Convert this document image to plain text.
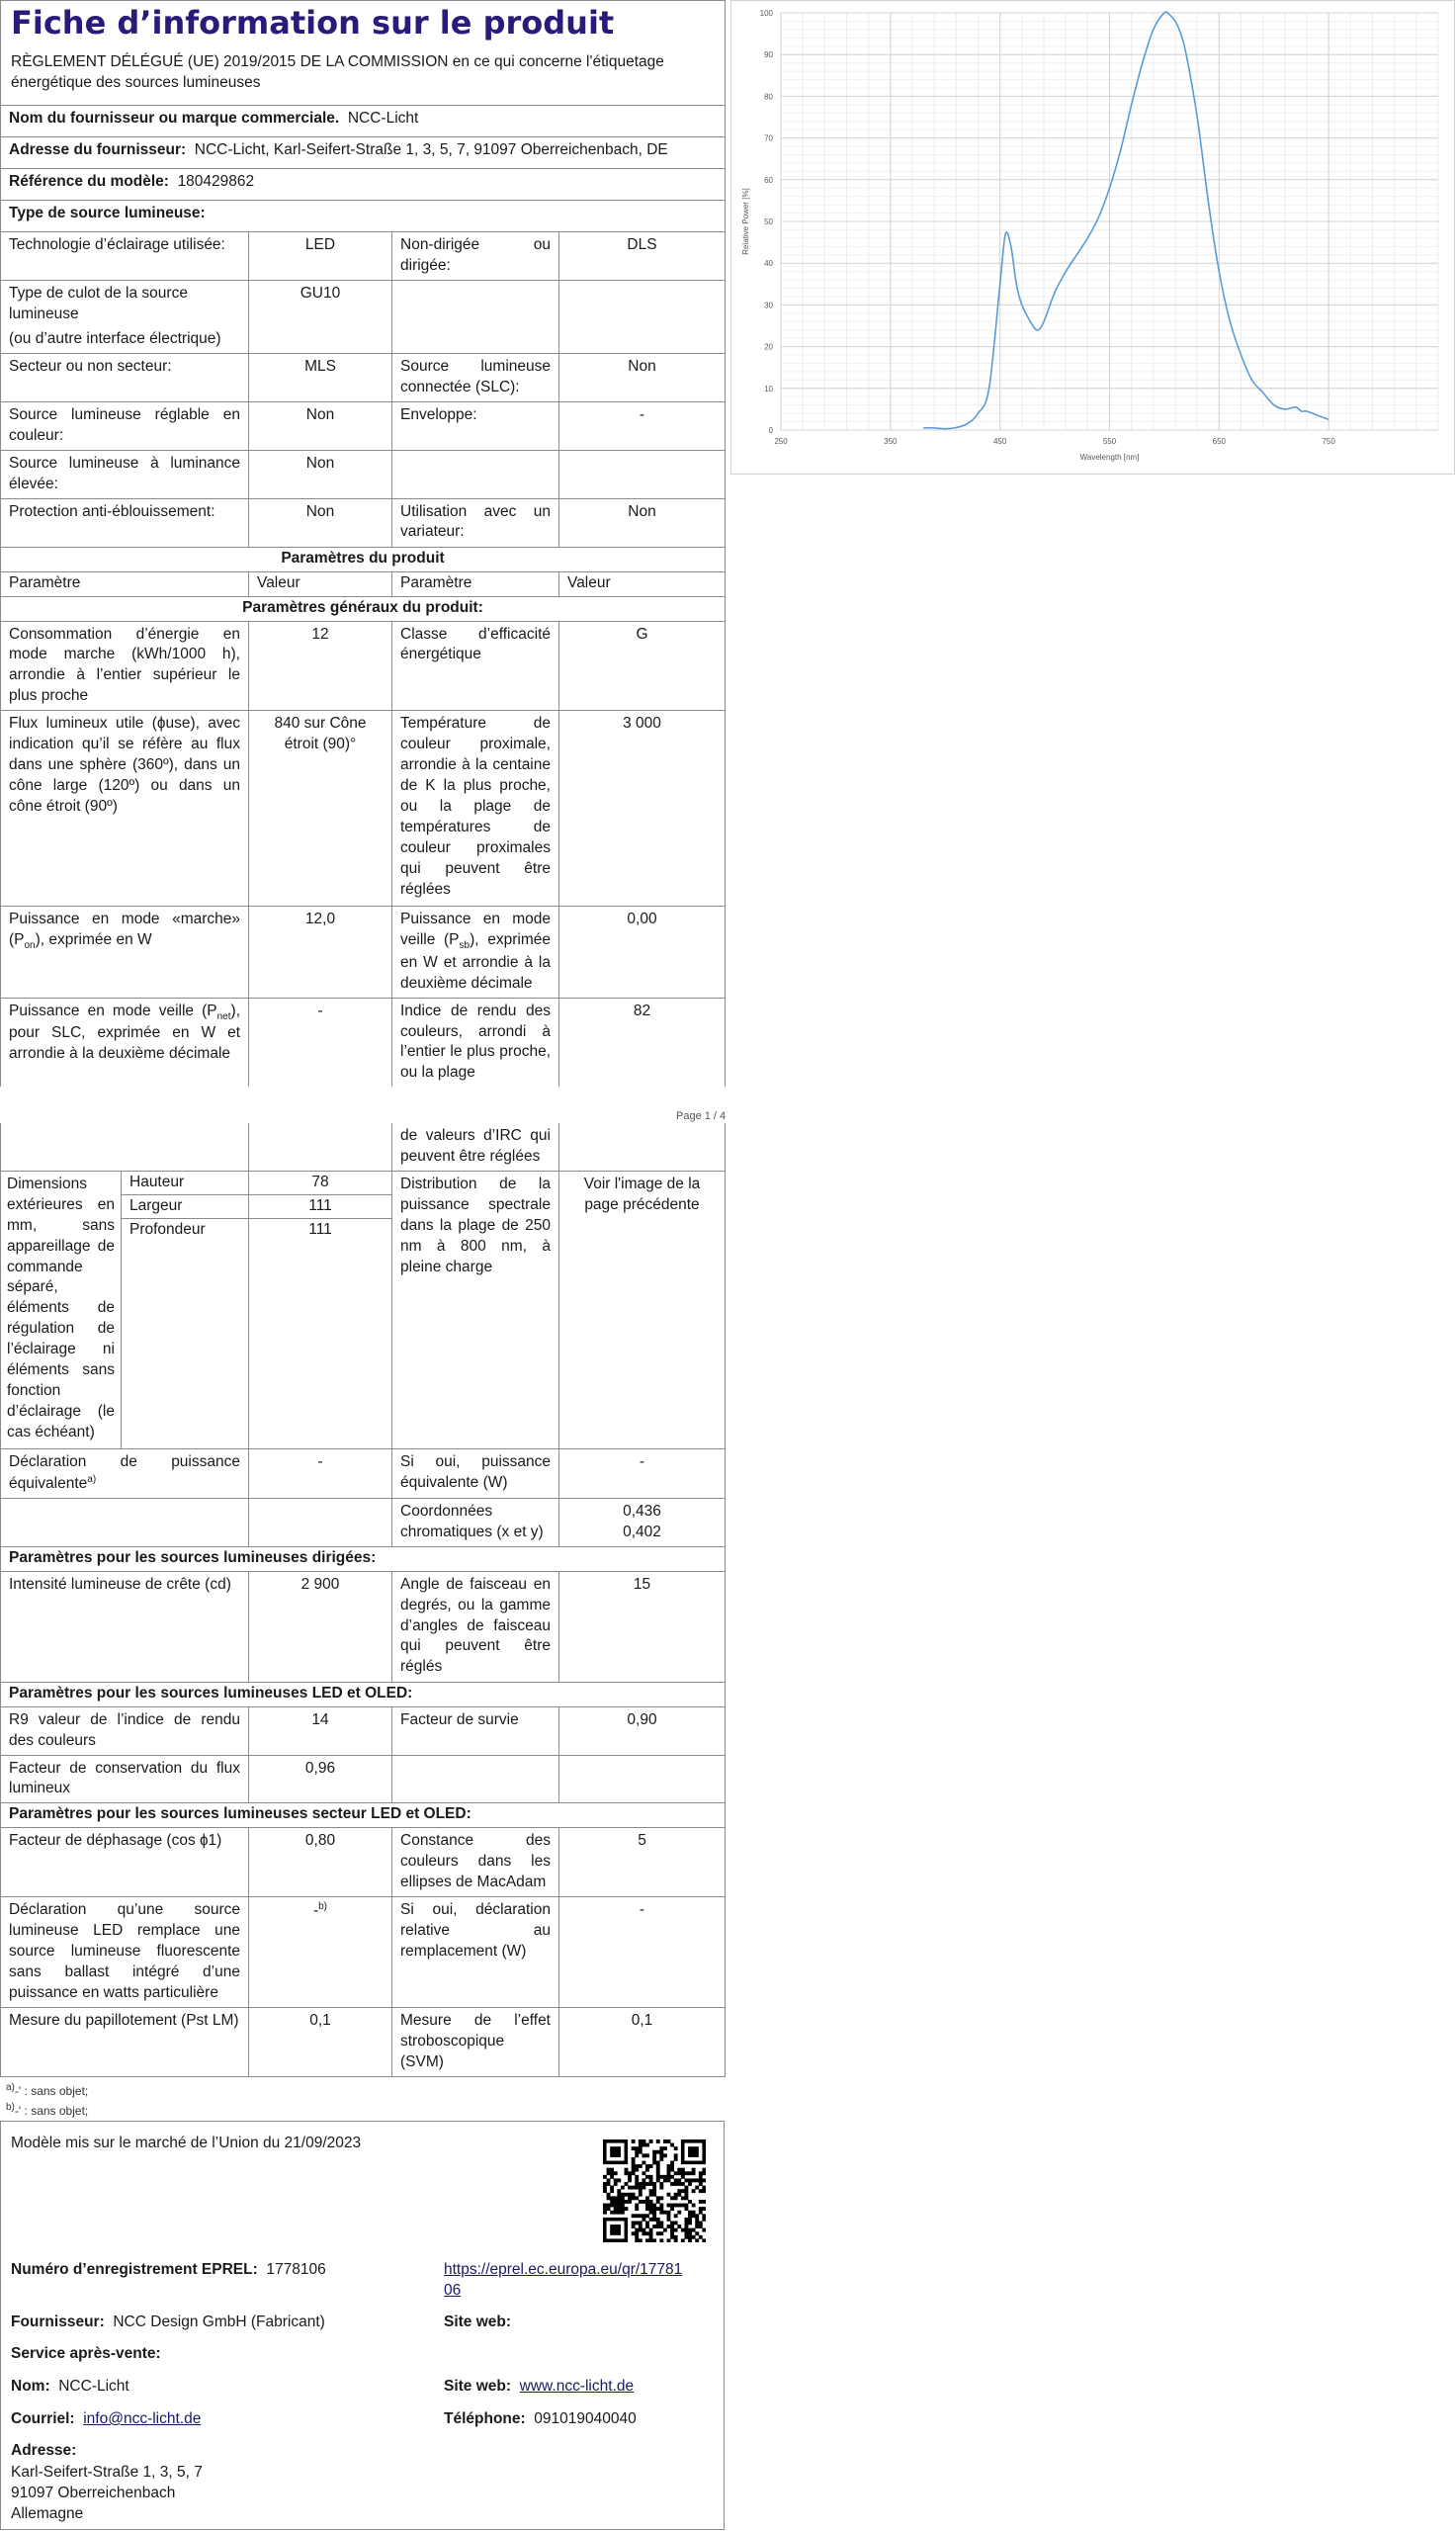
Fiche d’information sur le produit
RÈGLEMENT DÉLÉGUÉ (UE) 2019/2015 DE LA COMMISSION en ce qui concerne l'étiquetage énergétique des sources lumineuses

Nom du fournisseur ou marque commerciale. NCC-Licht
Adresse du fournisseur: NCC-Licht, Karl-Seifert-Straße 1, 3, 5, 7, 91097 Oberreichenbach, DE
Référence du modèle: 180429862
Type de source lumineuse:
Technologie d’éclairage utilisée:	LED	Non-dirigée ou dirigée:	DLS

Type de culot de la source lumineuse
(ou d’autre interface électrique)	GU10		
Secteur ou non secteur:	MLS	Source lumineuse connectée (SLC):	Non
Source lumineuse réglable en couleur:	Non	Enveloppe:	-
Source lumineuse à luminance élevée:	Non		
Protection anti-éblouissement:	Non	Utilisation avec un variateur:	Non
Paramètres du produit			
Paramètre	Valeur	Paramètre	Valeur
Paramètres généraux du produit:			
Consommation d’énergie en mode marche (kWh/1000 h), arrondie à l’entier supérieur le plus proche	12	Classe d’efficacité énergétique	G
Flux lumineux utile (ɸuse), avec indication qu’il se réfère au flux dans une sphère (360º), dans un cône large (120º) ou dans un cône étroit (90º)	840 sur Cône étroit (90)°	Température de couleur proximale, arrondie à la centaine de K la plus proche, ou la plage de températures de couleur proximales qui peuvent être réglées	3 000
Puissance en mode «marche» $(P_{on})$, exprimée en W	12,0	Puissance en mode veille $(P_{sb})$, exprimée en W et arrondie à la deuxième décimale	0,00
Puissance en mode veille $(P_{net})$, pour SLC, exprimée en W et arrondie à la deuxième décimale	-	Indice de rendu des couleurs, arrondi à l’entier le plus proche, ou la plage	82
Page 1 / 4
0
10
20
30
40
50
60
70
80
90
100
250	350	450	550	650	750
Wavelength [nm]
Relative Power [%]
		de valeurs d’IRC qui peuvent être réglées	
Dimensions extérieures en mm, sans appareillage de commande séparé, éléments de régulation de l’éclairage ni éléments sans fonction d’éclairage (le cas échéant)	Hauteur	78	Distribution de la puissance spectrale dans la plage de 250 nm à 800 nm, à pleine charge	Voir l'image de la page précédente
	Largeur	111		
	Profondeur	111		
Déclaration de puissance équivalente$^{a)}$	-	Si oui, puissance équivalente (W)	-
		Coordonnées chromatiques (x et y)	0,436
0,402

Paramètres pour les sources lumineuses dirigées:			
Intensité lumineuse de crête (cd)	2 900	Angle de faisceau en degrés, ou la gamme d’angles de faisceau qui peuvent être réglés	15
Paramètres pour les sources lumineuses LED et OLED:			
R9 valeur de l’indice de rendu des couleurs	14	Facteur de survie	0,90
Facteur de conservation du flux lumineux	0,96		
Paramètres pour les sources lumineuses secteur LED et OLED:			
Facteur de déphasage (cos ɸ1)	0,80	Constance des couleurs dans les ellipses de MacAdam	5
Déclaration qu’une source lumineuse LED remplace une source lumineuse fluorescente sans ballast intégré d’une puissance en watts particulière	-$^{b)}$	Si oui, déclaration relative au remplacement (W)	-
Mesure du papillotement (Pst LM)	0,1	Mesure de l’effet stroboscopique (SVM)	0,1
$^{a)}$-' : sans objet;
$^{b)}$-' : sans objet;
Modèle mis sur le marché de l’Union du 21/09/2023
Numéro d’enregistrement EPREL: 1778106	https://eprel.ec.europa.eu/qr/1778106
Fournisseur: NCC Design GmbH (Fabricant)	Site web:
Service après-vente:
Nom: NCC-Licht	Site web: www.ncc-licht.de
Courriel: info@ncc-licht.de	Téléphone: 091019040040
Adresse:
Karl-Seifert-Straße 1, 3, 5, 7
91097 Oberreichenbach
Allemagne
